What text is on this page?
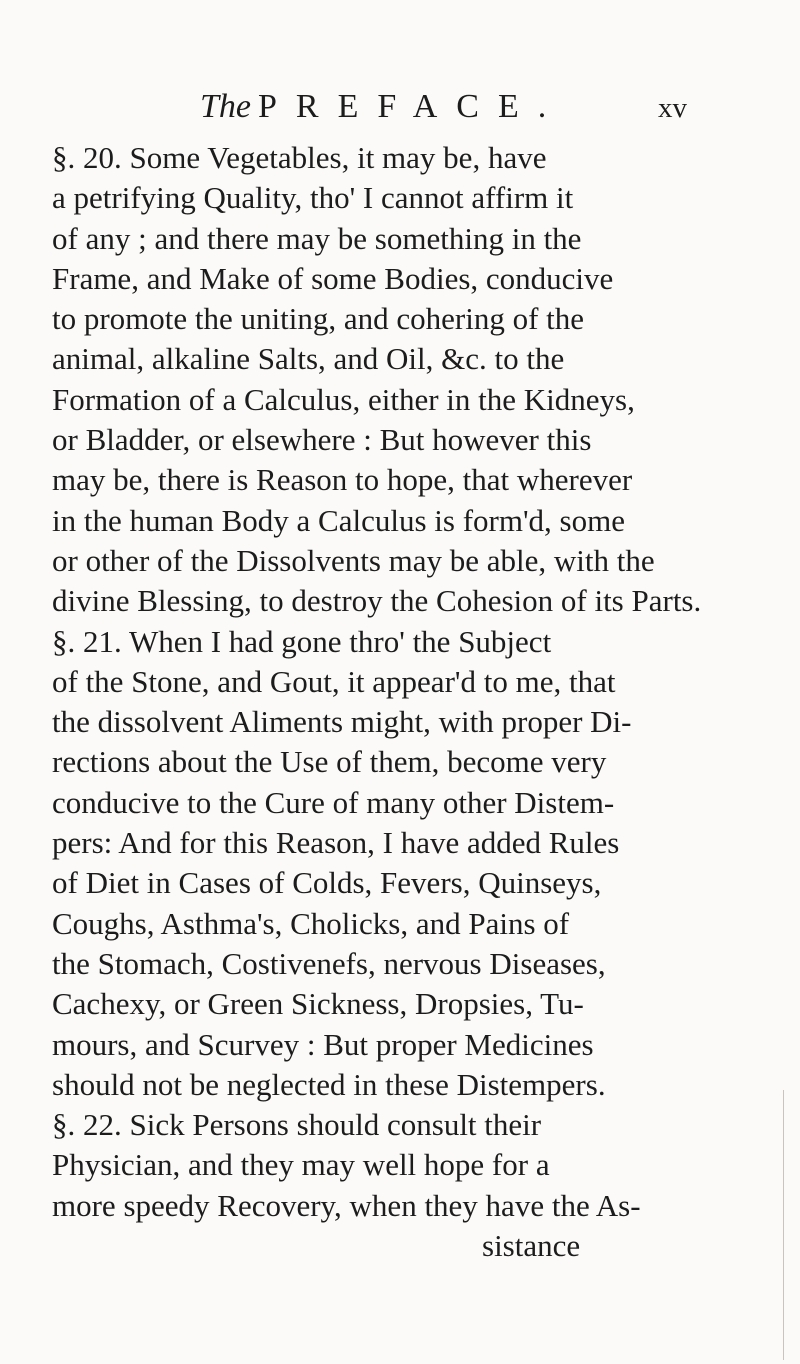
The PREFACE.	xv
§. 20. Some Vegetables, it may be, have
a petrifying Quality, tho' I cannot affirm it
of any ; and there may be something in the
Frame, and Make of some Bodies, conducive
to promote the uniting, and cohering of the
animal, alkaline Salts, and Oil, &c. to the
Formation of a Calculus, either in the Kidneys,
or Bladder, or elsewhere : But however this
may be, there is Reason to hope, that wherever
in the human Body a Calculus is form'd, some
or other of the Dissolvents may be able, with the
divine Blessing, to destroy the Cohesion of its Parts.
§. 21. When I had gone thro' the Subject
of the Stone, and Gout, it appear'd to me, that
the dissolvent Aliments might, with proper Di-
rections about the Use of them, become very
conducive to the Cure of many other Distem-
pers: And for this Reason, I have added Rules
of Diet in Cases of Colds, Fevers, Quinseys,
Coughs, Asthma's, Cholicks, and Pains of
the Stomach, Costivenefs, nervous Diseases,
Cachexy, or Green Sickness, Dropsies, Tu-
mours, and Scurvey : But proper Medicines
should not be neglected in these Distempers.
§. 22. Sick Persons should consult their
Physician, and they may well hope for a
more speedy Recovery, when they have the As-
sistance
